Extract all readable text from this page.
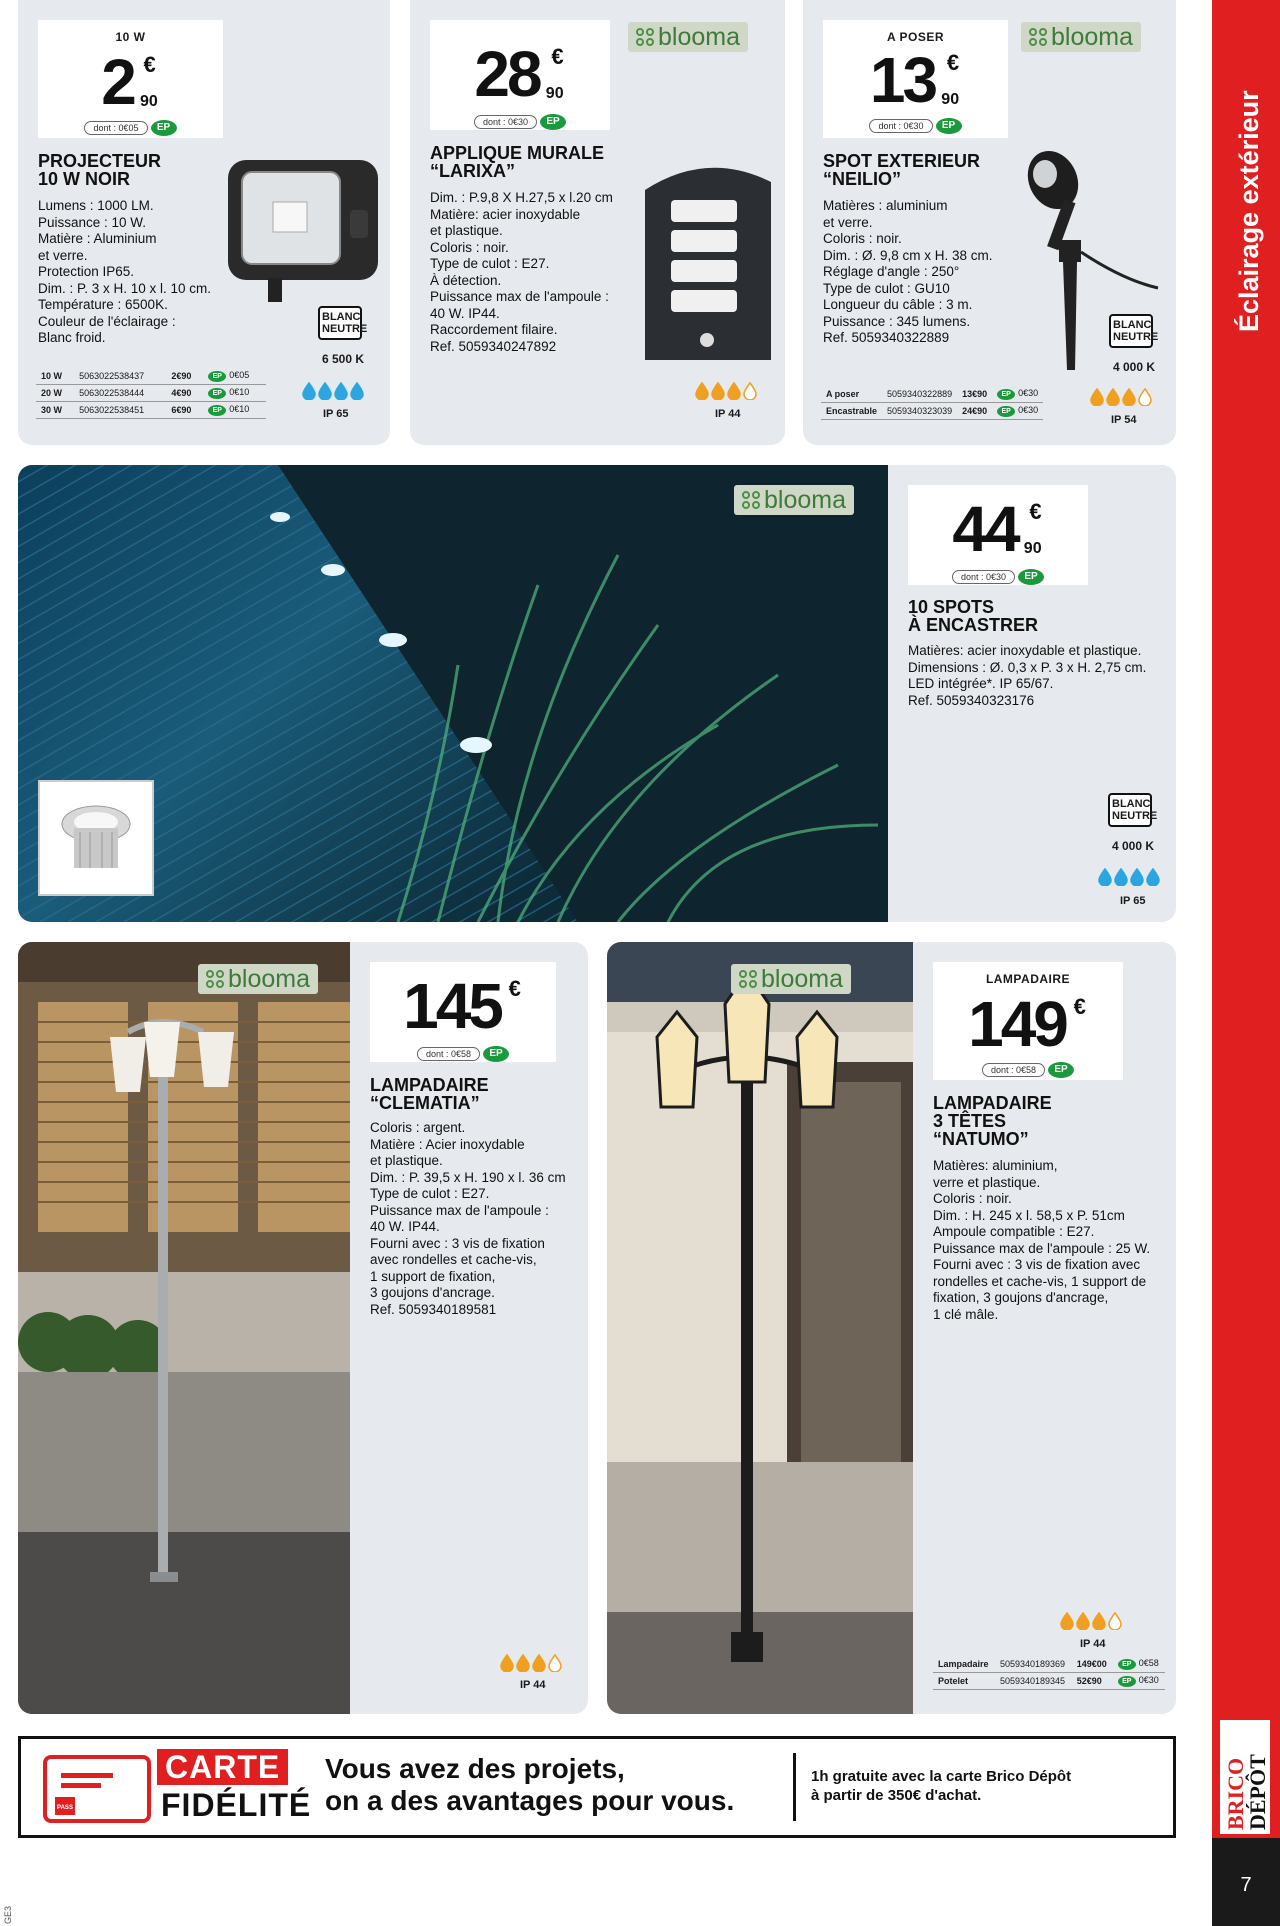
Éclairage extérieur
BRICO
DÉPÔT
7
GE3
10 W
2 €
90
dont : 0€05	EP
PROJECTEUR
10 W NOIR
Lumens : 1000 LM.
Puissance : 10 W.
Matière : Aluminium
et verre.
Protection IP65.
Dim. : P. 3 x H. 10 x l. 10 cm.
Température : 6500K.
Couleur de l'éclairage :
Blanc froid.
BLANC
NEUTRE
6 500 K
10 W	5063022538437	2€90	EP 0€05
20 W	5063022538444	4€90	EP 0€10
30 W	5063022538451	6€90	EP 0€10	IP 65
blooma
28 €
90
dont : 0€30	EP
APPLIQUE MURALE
“LARIXA”
Dim. : P.9,8 X H.27,5 x l.20 cm
Matière: acier inoxydable
et plastique.
Coloris : noir.
Type de culot : E27.
À détection.
Puissance max de l'ampoule :
40 W. IP44.
Raccordement filaire.
Ref. 5059340247892
IP 44
blooma
A POSER
13 €
90
dont : 0€30	EP
SPOT EXTERIEUR
“NEILIO”
Matières : aluminium
et verre.
Coloris : noir.
Dim. : Ø. 9,8 cm x H. 38 cm.
Réglage d'angle : 250°
Type de culot : GU10
Longueur du câble : 3 m.
Puissance : 345 lumens.
Ref. 5059340322889
BLANC
NEUTRE
4 000 K
A poser	5059340322889	13€90	EP 0€30
Encastrable	5059340323039	24€90	EP 0€30
IP 54
blooma	44 €
90
dont : 0€30	EP
10 SPOTS
À ENCASTRER
Matières: acier inoxydable et plastique.
Dimensions : Ø. 0,3 x P. 3 x H. 2,75 cm.
LED intégrée*. IP 65/67.
Ref. 5059340323176
BLANC
NEUTRE
4 000 K
IP 65
blooma	145 €
dont : 0€58	EP
LAMPADAIRE
“CLEMATIA”
Coloris : argent.
Matière : Acier inoxydable
et plastique.
Dim. : P. 39,5 x H. 190 x l. 36 cm
Type de culot : E27.
Puissance max de l'ampoule :
40 W. IP44.
Fourni avec : 3 vis de fixation
avec rondelles et cache-vis,
1 support de fixation,
3 goujons d'ancrage.
Ref. 5059340189581
IP 44
blooma	LAMPADAIRE
149 €
dont : 0€58	EP
LAMPADAIRE
3 TÊTES
“NATUMO”
Matières: aluminium,
verre et plastique.
Coloris : noir.
Dim. : H. 245 x l. 58,5 x P. 51cm
Ampoule compatible : E27.
Puissance max de l'ampoule : 25 W.
Fourni avec : 3 vis de fixation avec
rondelles et cache-vis, 1 support de
fixation, 3 goujons d'ancrage,
1 clé mâle.
IP 44
Lampadaire	5059340189369	149€00	EP 0€58
Potelet	5059340189345	52€90	EP 0€30
PASS
CARTE
FIDÉLITÉ
Vous avez des projets,
on a des avantages pour vous.
1h gratuite avec la carte Brico Dépôt
à partir de 350€ d'achat.
